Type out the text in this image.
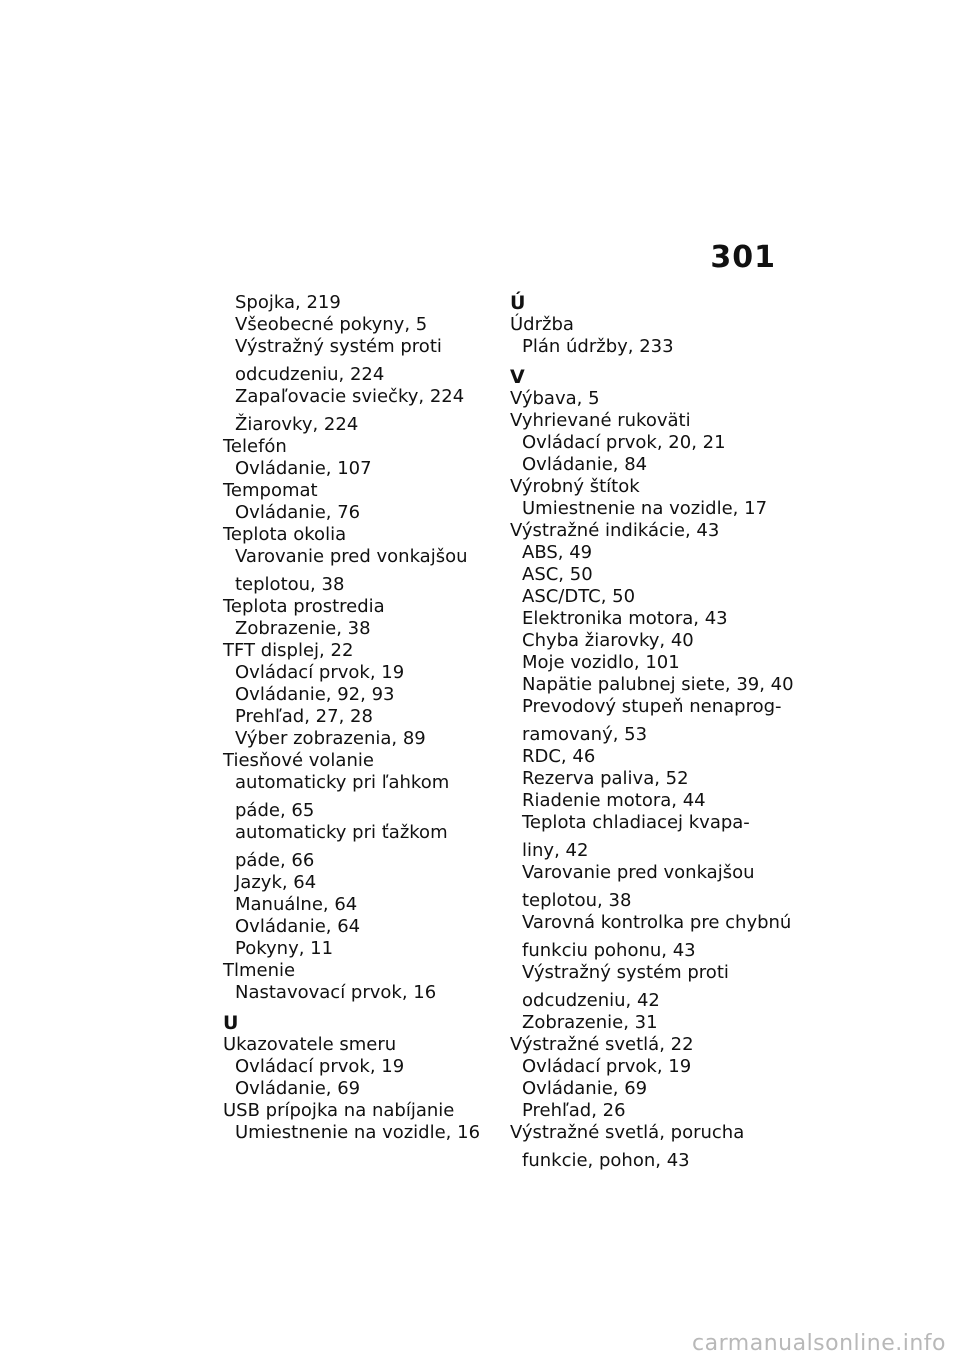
301
Spojka, 219
Všeobecné pokyny, 5
Výstražný systém proti
odcudzeniu, 224
Zapaľovacie sviečky, 224
Žiarovky, 224
Telefón
Ovládanie, 107
Tempomat
Ovládanie, 76
Teplota okolia
Varovanie pred vonkajšou
teplotou, 38
Teplota prostredia
Zobrazenie, 38
TFT displej, 22
Ovládací prvok, 19
Ovládanie, 92, 93
Prehľad, 27, 28
Výber zobrazenia, 89
Tiesňové volanie
automaticky pri ľahkom
páde, 65
automaticky pri ťažkom
páde, 66
Jazyk, 64
Manuálne, 64
Ovládanie, 64
Pokyny, 11
Tlmenie
Nastavovací prvok, 16
U
Ukazovatele smeru
Ovládací prvok, 19
Ovládanie, 69
USB prípojka na nabíjanie
Umiestnenie na vozidle, 16
Ú
Údržba
Plán údržby, 233
V
Výbava, 5
Vyhrievané rukoväti
Ovládací prvok, 20, 21
Ovládanie, 84
Výrobný štítok
Umiestnenie na vozidle, 17
Výstražné indikácie, 43
ABS, 49
ASC, 50
ASC/DTC, 50
Elektronika motora, 43
Chyba žiarovky, 40
Moje vozidlo, 101
Napätie palubnej siete, 39, 40
Prevodový stupeň nenaprog-
ramovaný, 53
RDC, 46
Rezerva paliva, 52
Riadenie motora, 44
Teplota chladiacej kvapa-
liny, 42
Varovanie pred vonkajšou
teplotou, 38
Varovná kontrolka pre chybnú
funkciu pohonu, 43
Výstražný systém proti
odcudzeniu, 42
Zobrazenie, 31
Výstražné svetlá, 22
Ovládací prvok, 19
Ovládanie, 69
Prehľad, 26
Výstražné svetlá, porucha
funkcie, pohon, 43
carmanualsonline.info
